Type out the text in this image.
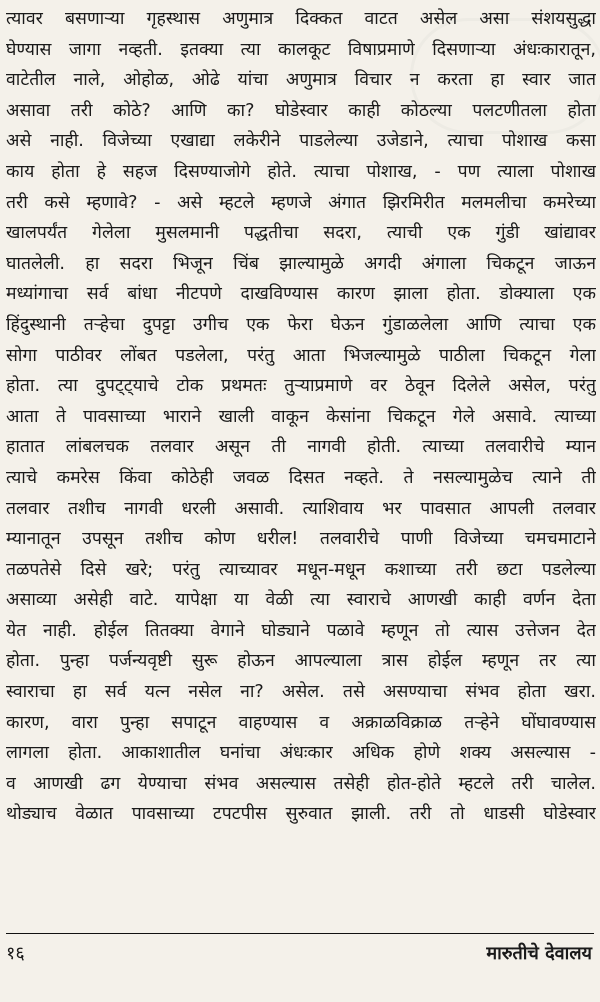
त्यावर बसणाऱ्या गृहस्थास अणुमात्र दिक्कत वाटत असेल असा संशयसुद्धा
घेण्यास जागा नव्हती. इतक्या त्या कालकूट विषाप्रमाणे दिसणाऱ्या अंधःकारातून,
वाटेतील नाले, ओहोळ, ओढे यांचा अणुमात्र विचार न करता हा स्वार जात
असावा तरी कोठे? आणि का? घोडेस्वार काही कोठल्या पलटणीतला होता
असे नाही. विजेच्या एखाद्या लकेरीने पाडलेल्या उजेडाने, त्याचा पोशाख कसा
काय होता हे सहज दिसण्याजोगे होते. त्याचा पोशाख, - पण त्याला पोशाख
तरी कसे म्हणावे? - असे म्हटले म्हणजे अंगात झिरमिरीत मलमलीचा कमरेच्या
खालपर्यंत गेलेला मुसलमानी पद्धतीचा सदरा, त्याची एक गुंडी खांद्यावर
घातलेली. हा सदरा भिजून चिंब झाल्यामुळे अगदी अंगाला चिकटून जाऊन
मध्यांगाचा सर्व बांधा नीटपणे दाखविण्यास कारण झाला होता. डोक्याला एक
हिंदुस्थानी तऱ्हेचा दुपट्टा उगीच एक फेरा घेऊन गुंडाळलेला आणि त्याचा एक
सोगा पाठीवर लोंबत पडलेला, परंतु आता भिजल्यामुळे पाठीला चिकटून गेला
होता. त्या दुपट्ट्याचे टोक प्रथमतः तुऱ्याप्रमाणे वर ठेवून दिलेले असेल, परंतु
आता ते पावसाच्या भाराने खाली वाकून केसांना चिकटून गेले असावे. त्याच्या
हातात लांबलचक तलवार असून ती नागवी होती. त्याच्या तलवारीचे म्यान
त्याचे कमरेस किंवा कोठेही जवळ दिसत नव्हते. ते नसल्यामुळेच त्याने ती
तलवार तशीच नागवी धरली असावी. त्याशिवाय भर पावसात आपली तलवार
म्यानातून उपसून तशीच कोण धरील! तलवारीचे पाणी विजेच्या चमचमाटाने
तळपतेसे दिसे खरे; परंतु त्याच्यावर मधून-मधून कशाच्या तरी छटा पडलेल्या
असाव्या असेही वाटे. यापेक्षा या वेळी त्या स्वाराचे आणखी काही वर्णन देता
येत नाही. होईल तितक्या वेगाने घोड्याने पळावे म्हणून तो त्यास उत्तेजन देत
होता. पुन्हा पर्जन्यवृष्टी सुरू होऊन आपल्याला त्रास होईल म्हणून तर त्या
स्वाराचा हा सर्व यत्न नसेल ना? असेल. तसे असण्याचा संभव होता खरा.
कारण, वारा पुन्हा सपाटून वाहण्यास व अक्राळविक्राळ तऱ्हेने घोंघावण्यास
लागला होता. आकाशातील घनांचा अंधःकार अधिक होणे शक्य असल्यास -
व आणखी ढग येण्याचा संभव असल्यास तसेही होत-होते म्हटले तरी चालेल.
थोड्याच वेळात पावसाच्या टपटपीस सुरुवात झाली. तरी तो धाडसी घोडेस्वार
१६	मारुतीचे देवालय
